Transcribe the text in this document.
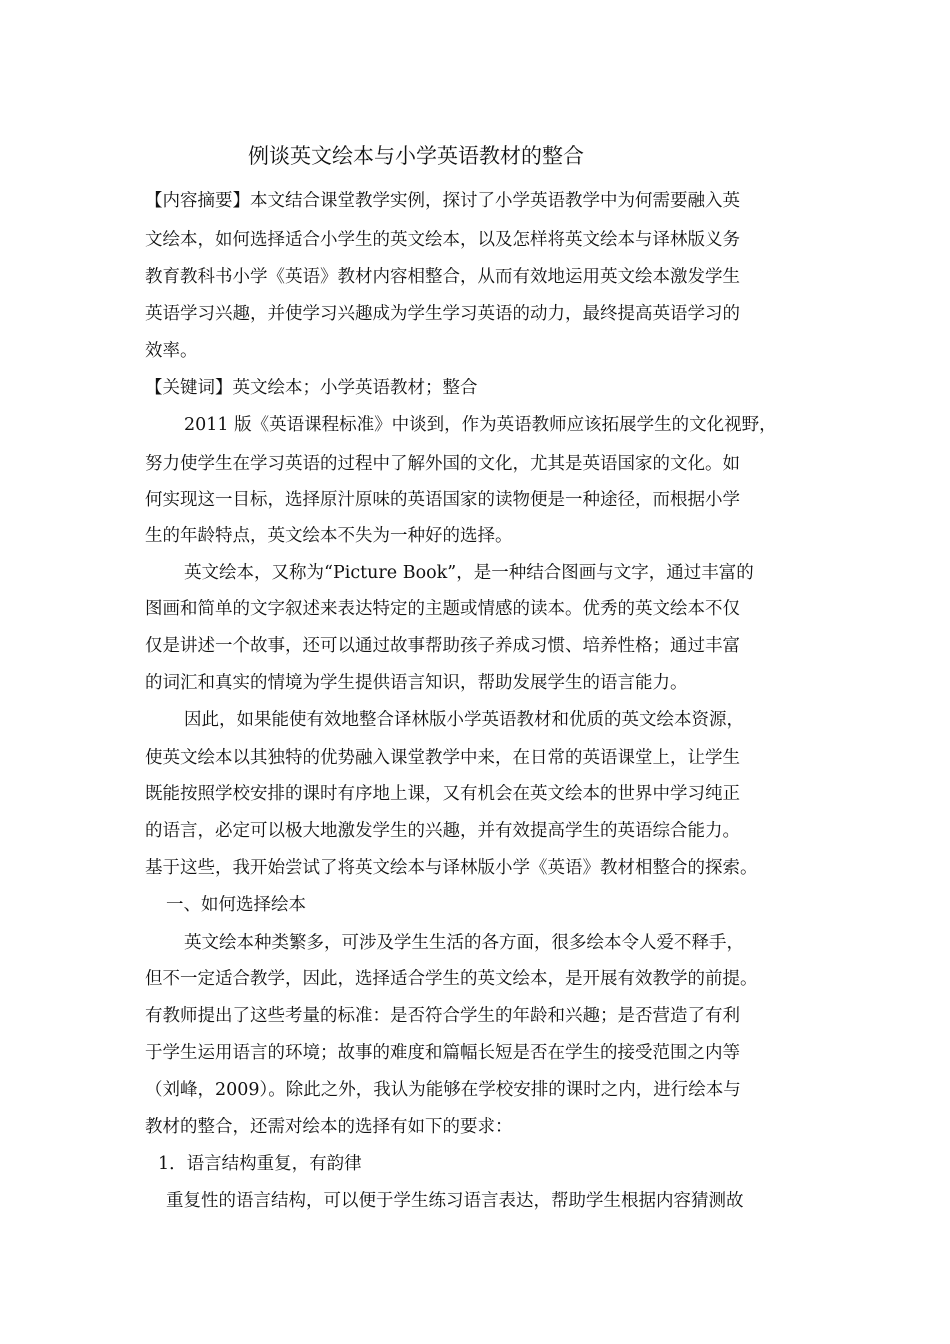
例谈英文绘本与小学英语教材的整合
【内容摘要】本文结合课堂教学实例，探讨了小学英语教学中为何需要融入英
文绘本，如何选择适合小学生的英文绘本，以及怎样将英文绘本与译林版义务
教育教科书小学《英语》教材内容相整合，从而有效地运用英文绘本激发学生
英语学习兴趣，并使学习兴趣成为学生学习英语的动力，最终提高英语学习的
效率。
【关键词】英文绘本；小学英语教材；整合
2011 版《英语课程标准》中谈到，作为英语教师应该拓展学生的文化视野，
努力使学生在学习英语的过程中了解外国的文化，尤其是英语国家的文化。如
何实现这一目标，选择原汁原味的英语国家的读物便是一种途径，而根据小学
生的年龄特点，英文绘本不失为一种好的选择。
英文绘本，又称为“Picture Book”，是一种结合图画与文字，通过丰富的
图画和简单的文字叙述来表达特定的主题或情感的读本。优秀的英文绘本不仅
仅是讲述一个故事，还可以通过故事帮助孩子养成习惯、培养性格；通过丰富
的词汇和真实的情境为学生提供语言知识，帮助发展学生的语言能力。
因此，如果能使有效地整合译林版小学英语教材和优质的英文绘本资源，
使英文绘本以其独特的优势融入课堂教学中来，在日常的英语课堂上，让学生
既能按照学校安排的课时有序地上课，又有机会在英文绘本的世界中学习纯正
的语言，必定可以极大地激发学生的兴趣，并有效提高学生的英语综合能力。
基于这些，我开始尝试了将英文绘本与译林版小学《英语》教材相整合的探索。
一、如何选择绘本
英文绘本种类繁多，可涉及学生生活的各方面，很多绘本令人爱不释手，
但不一定适合教学，因此，选择适合学生的英文绘本，是开展有效教学的前提。
有教师提出了这些考量的标准：是否符合学生的年龄和兴趣；是否营造了有利
于学生运用语言的环境；故事的难度和篇幅长短是否在学生的接受范围之内等
（刘峰，2009）。除此之外，我认为能够在学校安排的课时之内，进行绘本与
教材的整合，还需对绘本的选择有如下的要求：
1．语言结构重复，有韵律
重复性的语言结构，可以便于学生练习语言表达，帮助学生根据内容猜测故
